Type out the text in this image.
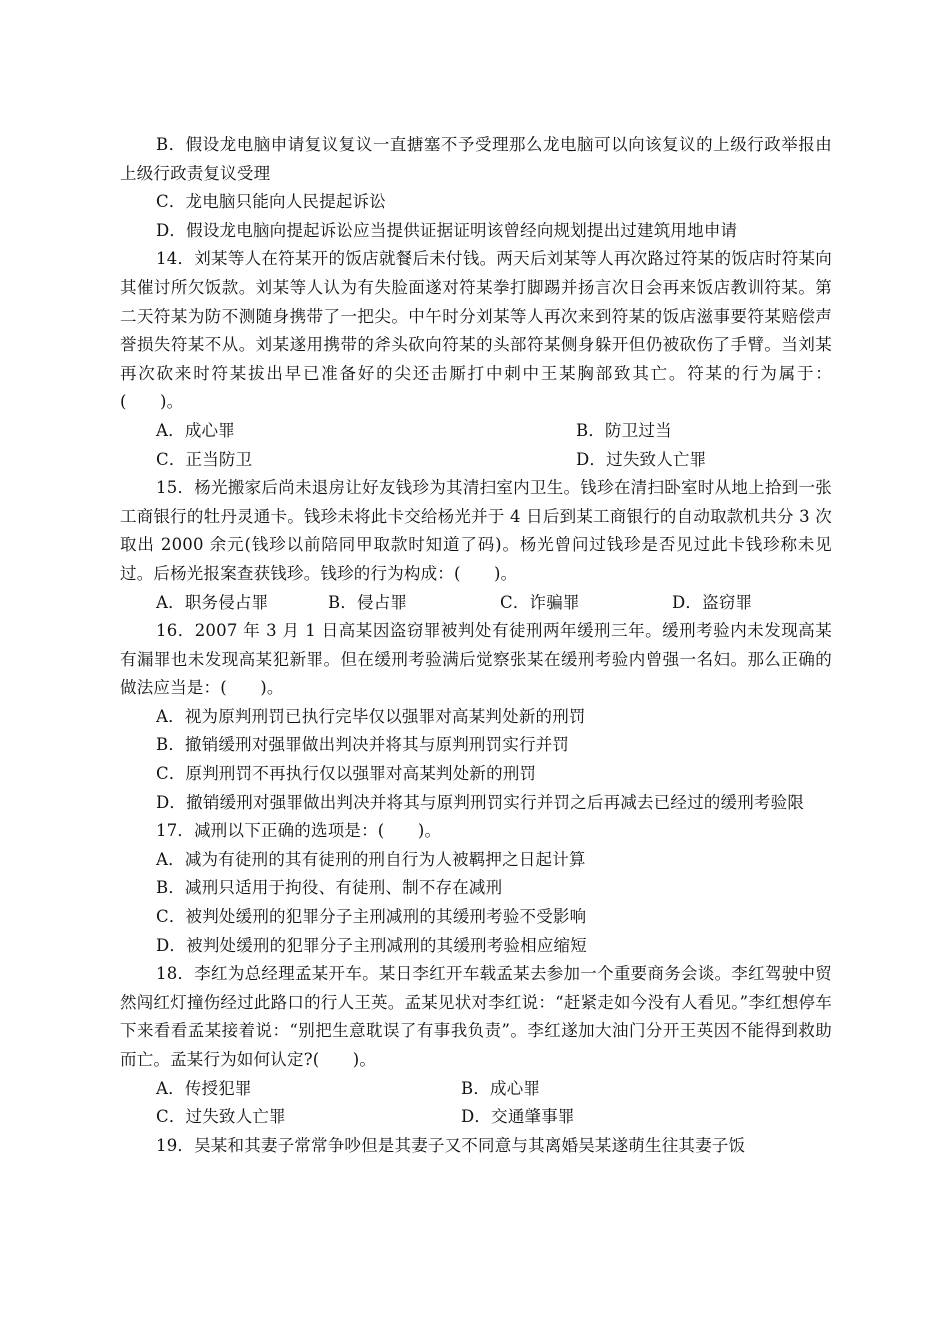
B．假设龙电脑申请复议复议一直搪塞不予受理那么龙电脑可以向该复议的上级行政举报由上级行政责复议受理

C．龙电脑只能向人民提起诉讼

D．假设龙电脑向提起诉讼应当提供证据证明该曾经向规划提出过建筑用地申请

14．刘某等人在符某开的饭店就餐后未付钱。两天后刘某等人再次路过符某的饭店时符某向其催讨所欠饭款。刘某等人认为有失脸面遂对符某拳打脚踢并扬言次日会再来饭店教训符某。第二天符某为防不测随身携带了一把尖。中午时分刘某等人再次来到符某的饭店滋事要符某赔偿声誉损失符某不从。刘某遂用携带的斧头砍向符某的头部符某侧身躲开但仍被砍伤了手臂。当刘某再次砍来时符某拔出早已准备好的尖还击厮打中刺中王某胸部致其亡。符某的行为属于：(　　)。

A．成心罪	B．防卫过当
C．正当防卫	D．过失致人亡罪

15．杨光搬家后尚未退房让好友钱珍为其清扫室内卫生。钱珍在清扫卧室时从地上拾到一张工商银行的牡丹灵通卡。钱珍未将此卡交给杨光并于 4 日后到某工商银行的自动取款机共分 3 次取出 2000 余元(钱珍以前陪同甲取款时知道了码)。杨光曾问过钱珍是否见过此卡钱珍称未见过。后杨光报案查获钱珍。钱珍的行为构成：(　　)。

A．职务侵占罪	B．侵占罪	C．诈骗罪	D．盗窃罪

16．2007 年 3 月 1 日高某因盗窃罪被判处有徒刑两年缓刑三年。缓刑考验内未发现高某有漏罪也未发现高某犯新罪。但在缓刑考验满后觉察张某在缓刑考验内曾强一名妇。那么正确的做法应当是：(　　)。

A．视为原判刑罚已执行完毕仅以强罪对高某判处新的刑罚

B．撤销缓刑对强罪做出判决并将其与原判刑罚实行并罚

C．原判刑罚不再执行仅以强罪对高某判处新的刑罚

D．撤销缓刑对强罪做出判决并将其与原判刑罚实行并罚之后再减去已经过的缓刑考验限

17．减刑以下正确的选项是：(　　)。

A．减为有徒刑的其有徒刑的刑自行为人被羁押之日起计算

B．减刑只适用于拘役、有徒刑、制不存在减刑

C．被判处缓刑的犯罪分子主刑减刑的其缓刑考验不受影响

D．被判处缓刑的犯罪分子主刑减刑的其缓刑考验相应缩短

18．李红为总经理孟某开车。某日李红开车载孟某去参加一个重要商务会谈。李红驾驶中贸然闯红灯撞伤经过此路口的行人王英。孟某见状对李红说：“赶紧走如今没有人看见。”李红想停车下来看看孟某接着说：“别把生意耽误了有事我负责”。李红遂加大油门分开王英因不能得到救助而亡。孟某行为如何认定?(　　)。

A．传授犯罪	B．成心罪
C．过失致人亡罪	D．交通肇事罪

19．吴某和其妻子常常争吵但是其妻子又不同意与其离婚吴某遂萌生往其妻子饭
